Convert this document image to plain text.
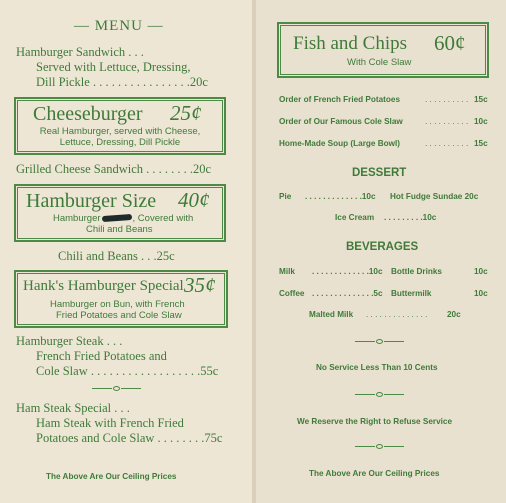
— MENU —
Hamburger Sandwich . . .
Served with Lettuce, Dressing,
Dill Pickle . . . . . . . . . . . . . . . .20c
Cheeseburger 25¢
Real Hamburger, served with Cheese,
Lettuce, Dressing, Dill Pickle
Grilled Cheese Sandwich . . . . . . . .20c
Hamburger Size 40¢
Hamburger	, Covered with
Chili and Beans
Chili and Beans . . .25c
Hank's Hamburger Special 35¢
Hamburger on Bun, with French
Fried Potatoes and Cole Slaw
Hamburger Steak . . .
French Fried Potatoes and
Cole Slaw . . . . . . . . . . . . . . . . . .55c
Ham Steak Special . . .
Ham Steak with French Fried
Potatoes and Cole Slaw . . . . . . . .75c
The Above Are Our Ceiling Prices
Fish and Chips 60¢
With Cole Slaw
Order of French Fried Potatoes	. . . . . . . . . . 15c
Order of Our Famous Cole Slaw	. . . . . . . . . . 10c
Home-Made Soup (Large Bowl)	. . . . . . . . . . 15c
DESSERT
Pie . . . . . . . . . . . . .10c Hot Fudge Sundae 20c
Ice Cream . . . . . . . . .10c
BEVERAGES
Milk . . . . . . . . . . . . .10c Bottle Drinks	10c
Coffee . . . . . . . . . . . . . .5c Buttermilk	10c
Malted Milk . . . . . . . . . . . . . . 20c
No Service Less Than 10 Cents
We Reserve the Right to Refuse Service
The Above Are Our Ceiling Prices
